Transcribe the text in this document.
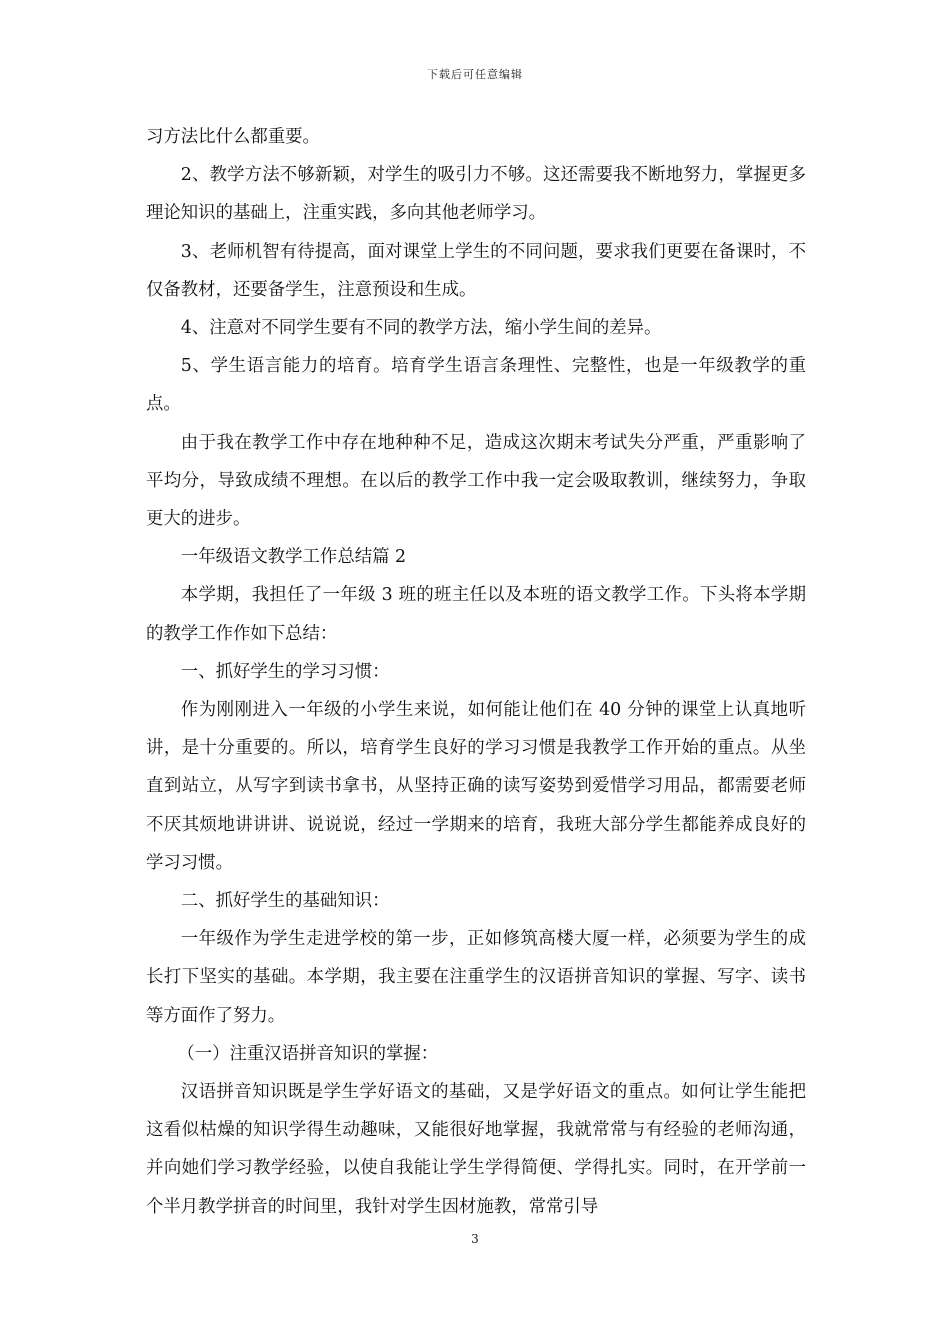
下载后可任意编辑

习方法比什么都重要。

2、教学方法不够新颖，对学生的吸引力不够。这还需要我不断地努力，掌握更多理论知识的基础上，注重实践，多向其他老师学习。

3、老师机智有待提高，面对课堂上学生的不同问题，要求我们更要在备课时，不仅备教材，还要备学生，注意预设和生成。

4、注意对不同学生要有不同的教学方法，缩小学生间的差异。

5、学生语言能力的培育。培育学生语言条理性、完整性，也是一年级教学的重点。

由于我在教学工作中存在地种种不足，造成这次期末考试失分严重，严重影响了平均分，导致成绩不理想。在以后的教学工作中我一定会吸取教训，继续努力，争取更大的进步。

一年级语文教学工作总结篇 2

本学期，我担任了一年级 3 班的班主任以及本班的语文教学工作。下头将本学期的教学工作作如下总结：

一、抓好学生的学习习惯：

作为刚刚进入一年级的小学生来说，如何能让他们在 40 分钟的课堂上认真地听讲，是十分重要的。所以，培育学生良好的学习习惯是我教学工作开始的重点。从坐直到站立，从写字到读书拿书，从坚持正确的读写姿势到爱惜学习用品，都需要老师不厌其烦地讲讲讲、说说说，经过一学期来的培育，我班大部分学生都能养成良好的学习习惯。

二、抓好学生的基础知识：

一年级作为学生走进学校的第一步，正如修筑高楼大厦一样，必须要为学生的成长打下坚实的基础。本学期，我主要在注重学生的汉语拼音知识的掌握、写字、读书等方面作了努力。

（一）注重汉语拼音知识的掌握：

汉语拼音知识既是学生学好语文的基础，又是学好语文的重点。如何让学生能把这看似枯燥的知识学得生动趣味，又能很好地掌握，我就常常与有经验的老师沟通，并向她们学习教学经验，以使自我能让学生学得简便、学得扎实。同时，在开学前一个半月教学拼音的时间里，我针对学生因材施教，常常引导

3
